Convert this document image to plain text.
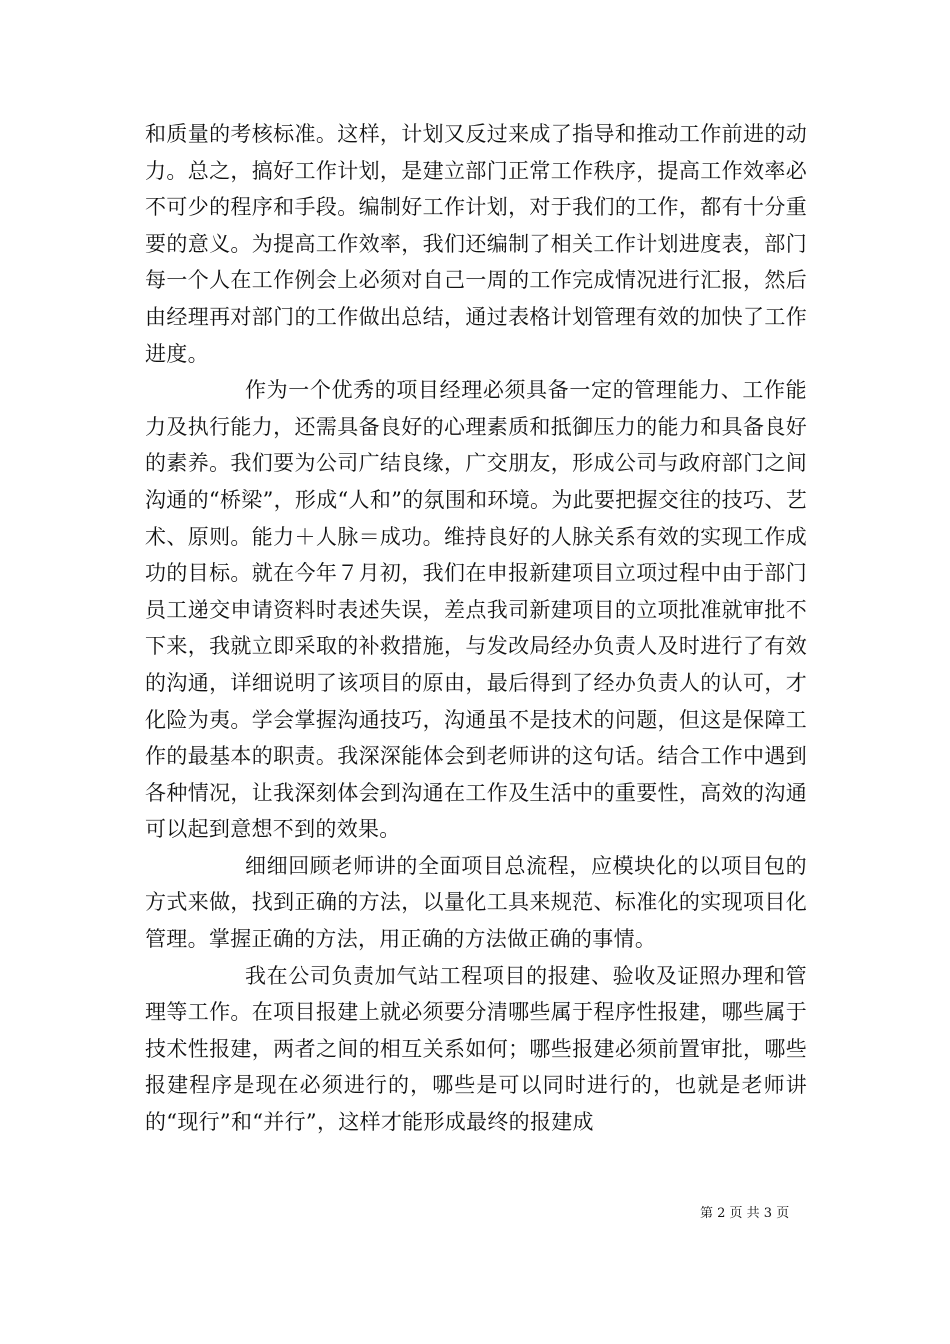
和质量的考核标准。这样，计划又反过来成了指导和推动工作前进的动力。总之，搞好工作计划，是建立部门正常工作秩序，提高工作效率必不可少的程序和手段。编制好工作计划，对于我们的工作，都有十分重要的意义。为提高工作效率，我们还编制了相关工作计划进度表，部门每一个人在工作例会上必须对自己一周的工作完成情况进行汇报，然后由经理再对部门的工作做出总结，通过表格计划管理有效的加快了工作进度。

作为一个优秀的项目经理必须具备一定的管理能力、工作能力及执行能力，还需具备良好的心理素质和抵御压力的能力和具备良好的素养。我们要为公司广结良缘，广交朋友，形成公司与政府部门之间沟通的“桥梁”，形成“人和”的氛围和环境。为此要把握交往的技巧、艺术、原则。能力＋人脉＝成功。维持良好的人脉关系有效的实现工作成功的目标。就在今年７月初，我们在申报新建项目立项过程中由于部门员工递交申请资料时表述失误，差点我司新建项目的立项批准就审批不下来，我就立即采取的补救措施，与发改局经办负责人及时进行了有效的沟通，详细说明了该项目的原由，最后得到了经办负责人的认可，才化险为夷。学会掌握沟通技巧，沟通虽不是技术的问题，但这是保障工作的最基本的职责。我深深能体会到老师讲的这句话。结合工作中遇到各种情况，让我深刻体会到沟通在工作及生活中的重要性，高效的沟通可以起到意想不到的效果。

细细回顾老师讲的全面项目总流程，应模块化的以项目包的方式来做，找到正确的方法，以量化工具来规范、标准化的实现项目化管理。掌握正确的方法，用正确的方法做正确的事情。

我在公司负责加气站工程项目的报建、验收及证照办理和管理等工作。在项目报建上就必须要分清哪些属于程序性报建，哪些属于技术性报建，两者之间的相互关系如何；哪些报建必须前置审批，哪些报建程序是现在必须进行的，哪些是可以同时进行的，也就是老师讲的“现行”和“并行”，这样才能形成最终的报建成

第 2 页 共 3 页
